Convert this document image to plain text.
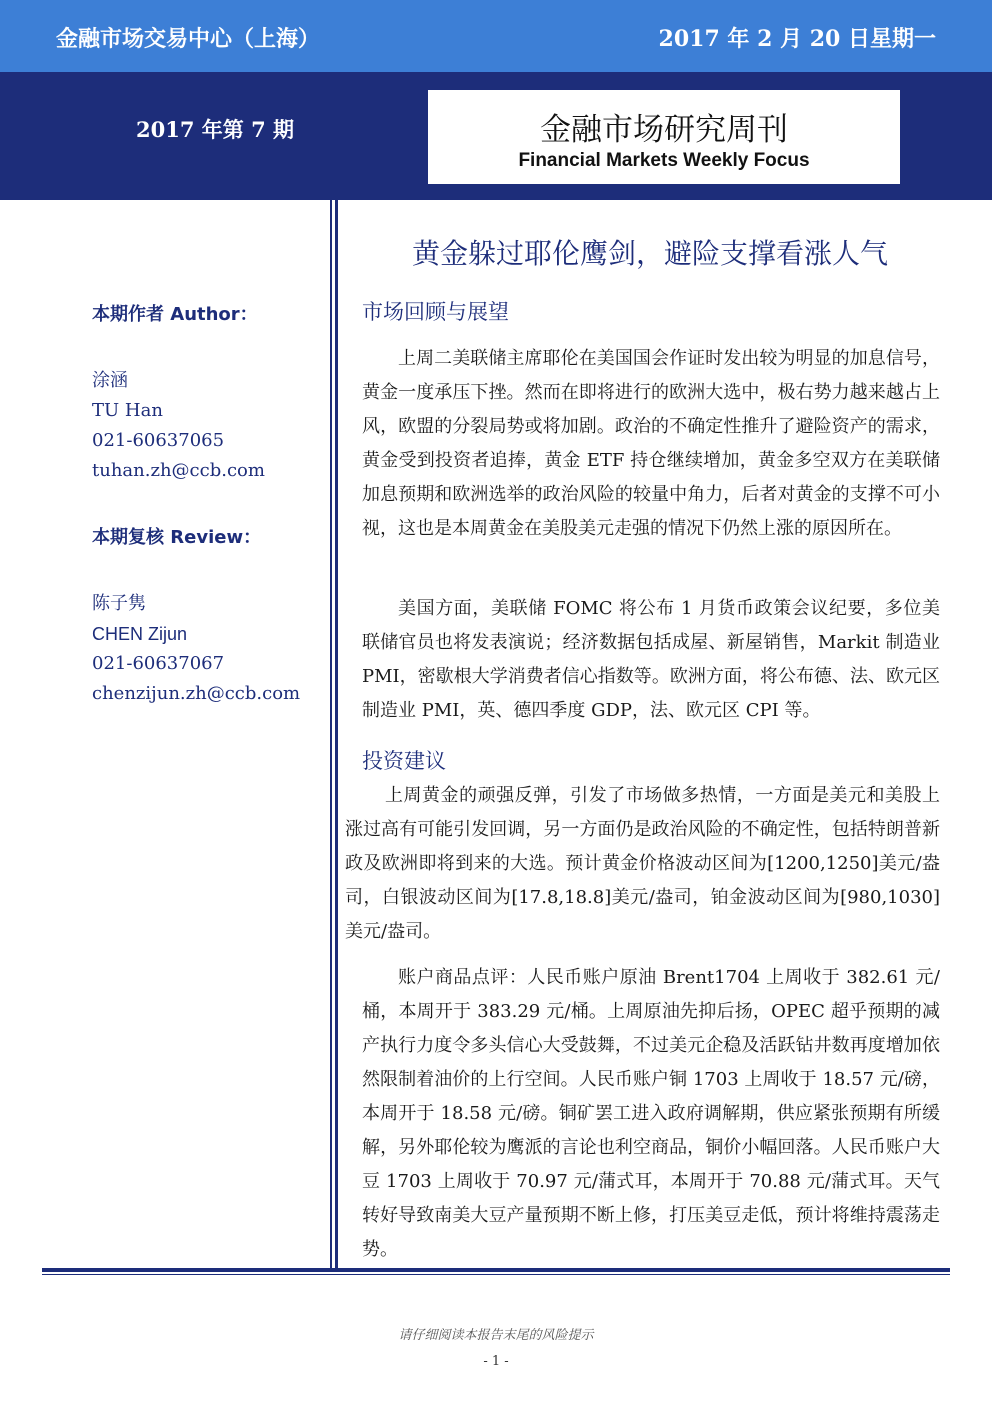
金融市场交易中心（上海）	2017 年 2 月 20 日星期一
2017 年第 7 期	金融市场研究周刊
Financial Markets Weekly Focus
本期作者 Author：
涂涵
TU Han
021-60637065
tuhan.zh@ccb.com
本期复核 Review：
陈子隽
CHEN Zijun
021-60637067
chenzijun.zh@ccb.com
黄金躲过耶伦鹰剑，避险支撑看涨人气
市场回顾与展望

上周二美联储主席耶伦在美国国会作证时发出较为明显的加息信号，黄金一度承压下挫。然而在即将进行的欧洲大选中，极右势力越来越占上风，欧盟的分裂局势或将加剧。政治的不确定性推升了避险资产的需求，黄金受到投资者追捧，黄金 ETF 持仓继续增加，黄金多空双方在美联储加息预期和欧洲选举的政治风险的较量中角力，后者对黄金的支撑不可小视，这也是本周黄金在美股美元走强的情况下仍然上涨的原因所在。

美国方面，美联储 FOMC 将公布 1 月货币政策会议纪要，多位美联储官员也将发表演说；经济数据包括成屋、新屋销售，Markit 制造业 PMI，密歇根大学消费者信心指数等。欧洲方面，将公布德、法、欧元区制造业 PMI，英、德四季度 GDP，法、欧元区 CPI 等。

投资建议

上周黄金的顽强反弹，引发了市场做多热情，一方面是美元和美股上涨过高有可能引发回调，另一方面仍是政治风险的不确定性，包括特朗普新政及欧洲即将到来的大选。预计黄金价格波动区间为[1200,1250]美元/盎司，白银波动区间为[17.8,18.8]美元/盎司，铂金波动区间为[980,1030]美元/盎司。

账户商品点评：人民币账户原油 Brent1704 上周收于 382.61 元/桶，本周开于 383.29 元/桶。上周原油先抑后扬，OPEC 超乎预期的减产执行力度令多头信心大受鼓舞，不过美元企稳及活跃钻井数再度增加依然限制着油价的上行空间。人民币账户铜 1703 上周收于 18.57 元/磅，本周开于 18.58 元/磅。铜矿罢工进入政府调解期，供应紧张预期有所缓解，另外耶伦较为鹰派的言论也利空商品，铜价小幅回落。人民币账户大豆 1703 上周收于 70.97 元/蒲式耳，本周开于 70.88 元/蒲式耳。天气转好导致南美大豆产量预期不断上修，打压美豆走低，预计将维持震荡走势。

请仔细阅读本报告末尾的风险提示
- 1 -
